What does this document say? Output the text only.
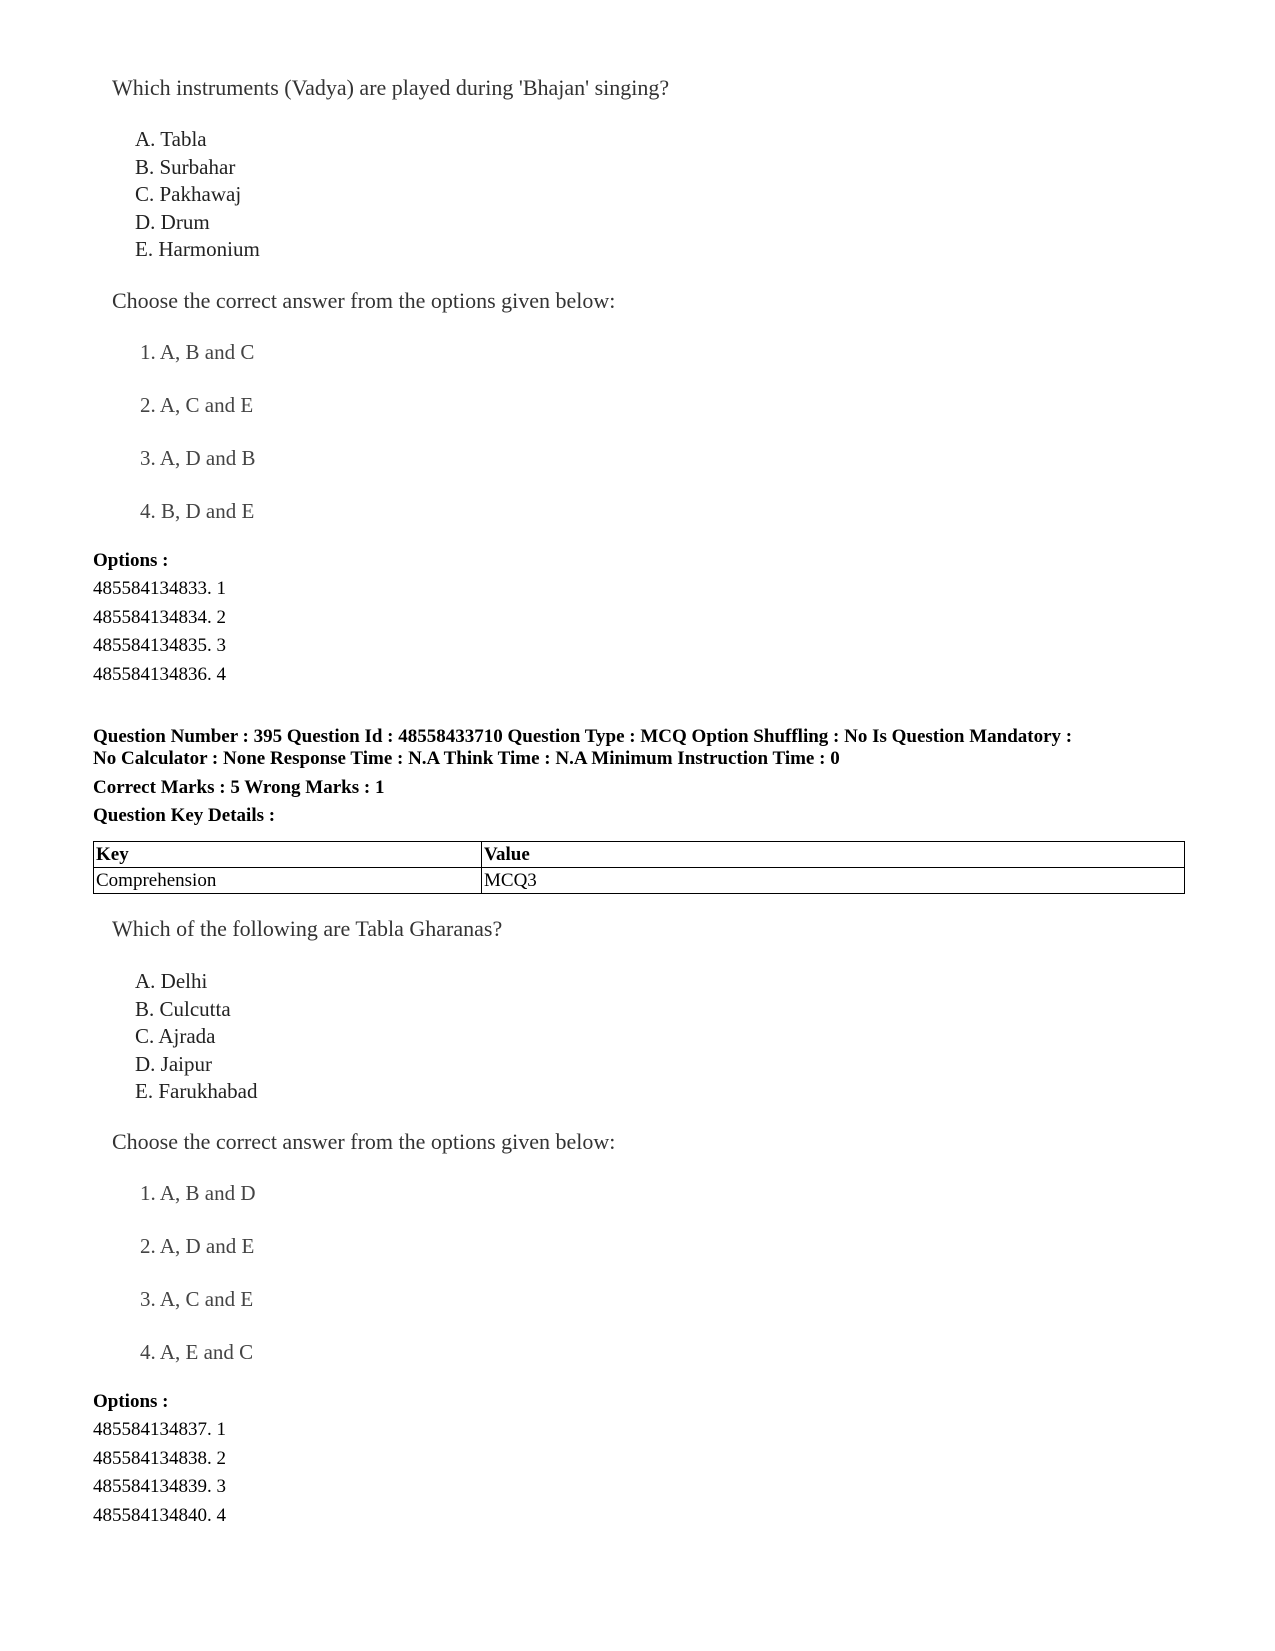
Which instruments (Vadya) are played during 'Bhajan' singing?
A. Tabla
B. Surbahar
C. Pakhawaj
D. Drum
E. Harmonium
Choose the correct answer from the options given below:
1. A, B and C
2. A, C and E
3. A, D and B
4. B, D and E
Options :
485584134833. 1
485584134834. 2
485584134835. 3
485584134836. 4
Question Number : 395 Question Id : 48558433710 Question Type : MCQ Option Shuffling : No Is Question Mandatory :
No Calculator : None Response Time : N.A Think Time : N.A Minimum Instruction Time : 0
Correct Marks : 5 Wrong Marks : 1
Question Key Details :
Key	Value
Comprehension	MCQ3
Which of the following are Tabla Gharanas?
A. Delhi
B. Culcutta
C. Ajrada
D. Jaipur
E. Farukhabad
Choose the correct answer from the options given below:
1. A, B and D
2. A, D and E
3. A, C and E
4. A, E and C
Options :
485584134837. 1
485584134838. 2
485584134839. 3
485584134840. 4
